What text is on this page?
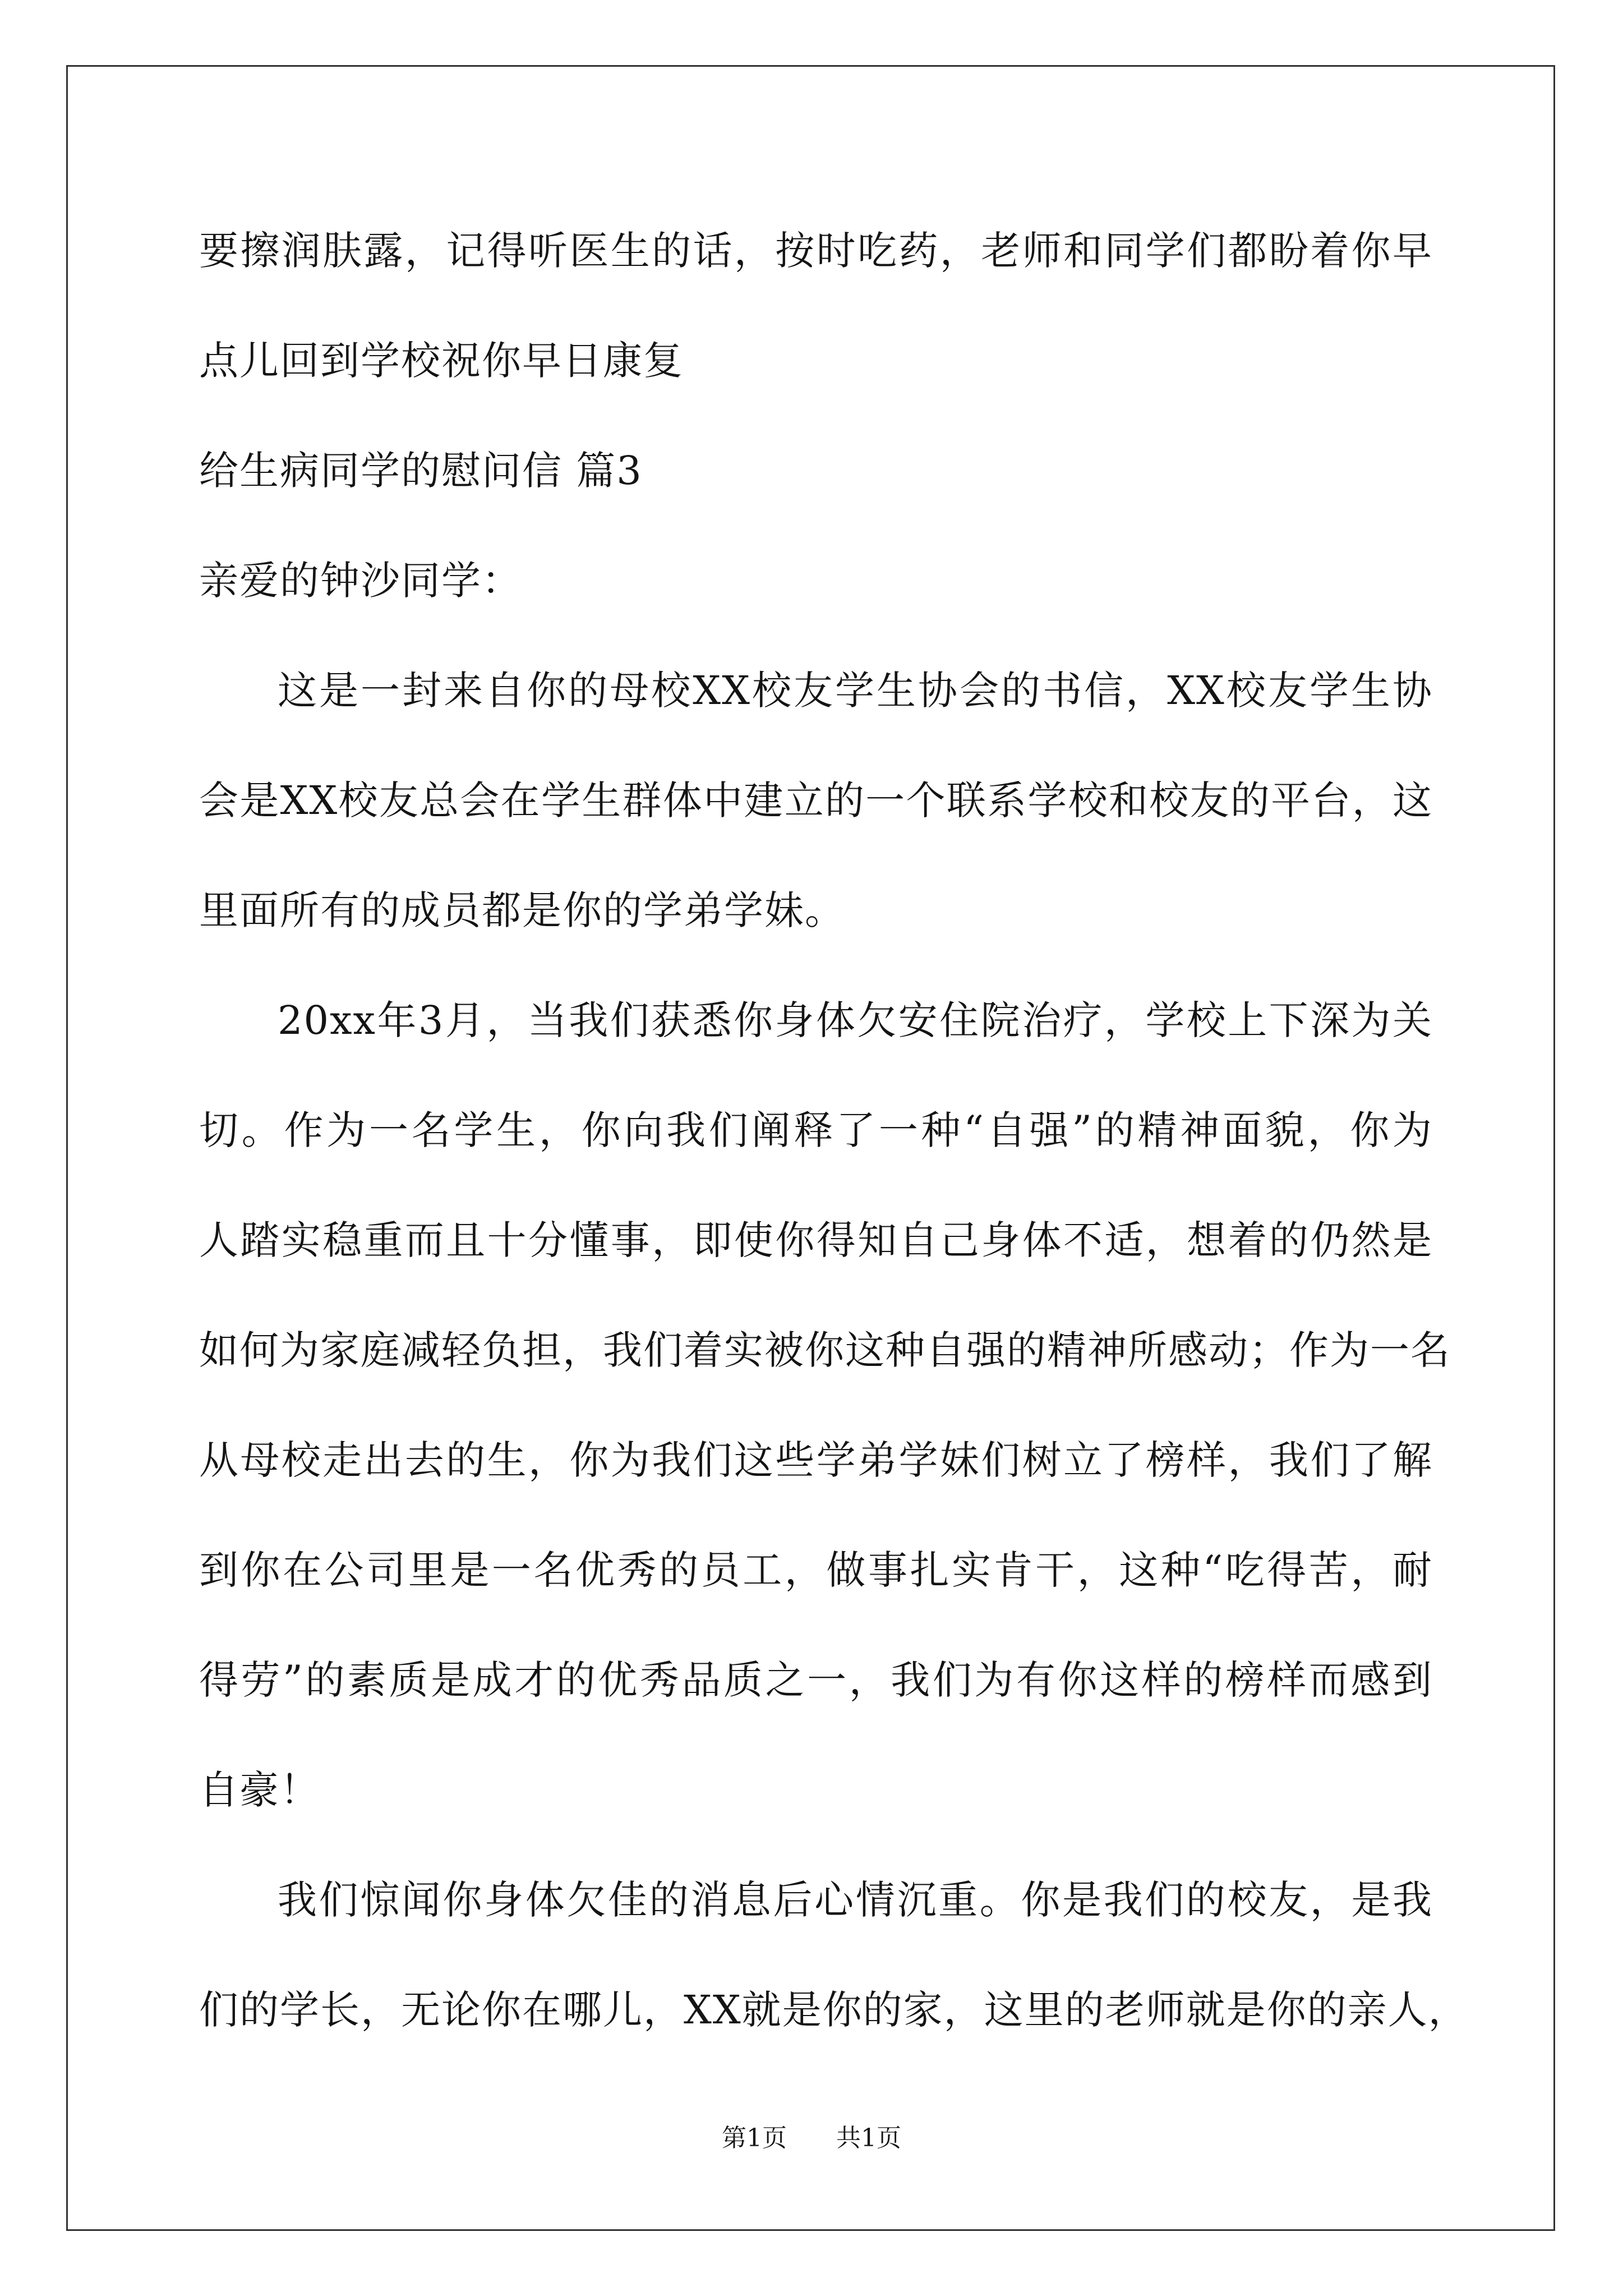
要擦润肤露，记得听医生的话，按时吃药，老师和同学们都盼着你早
点儿回到学校祝你早日康复
给生病同学的慰问信 篇3
亲爱的钟沙同学：
这是一封来自你的母校XX校友学生协会的书信，XX校友学生协
会是XX校友总会在学生群体中建立的一个联系学校和校友的平台，这
里面所有的成员都是你的学弟学妹。
20xx年3月，当我们获悉你身体欠安住院治疗，学校上下深为关
切。作为一名学生，你向我们阐释了一种“自强”的精神面貌，你为
人踏实稳重而且十分懂事，即使你得知自己身体不适，想着的仍然是
如何为家庭减轻负担，我们着实被你这种自强的精神所感动；作为一名
从母校走出去的生，你为我们这些学弟学妹们树立了榜样，我们了解
到你在公司里是一名优秀的员工，做事扎实肯干，这种“吃得苦，耐
得劳”的素质是成才的优秀品质之一，我们为有你这样的榜样而感到
自豪！
我们惊闻你身体欠佳的消息后心情沉重。你是我们的校友，是我
们的学长，无论你在哪儿，XX就是你的家，这里的老师就是你的亲人，
第1页 共1页
